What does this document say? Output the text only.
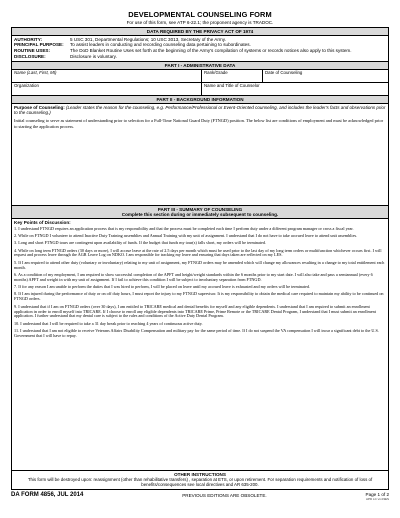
DEVELOPMENTAL COUNSELING FORM
For use of this form, see ATP 6-22.1; the proponent agency is TRADOC.
DATA REQUIRED BY THE PRIVACY ACT OF 1974
AUTHORITY:	5 USC 301, Departmental Regulations; 10 USC 3013, Secretary of the Army.
PRINCIPAL PURPOSE:	To assist leaders in conducting and recording counseling data pertaining to subordinates.
ROUTINE USES:	The DoD Blanket Routine Uses set forth at the beginning of the Army's compilation of systems or records notices also apply to this system.
DISCLOSURE:	Disclosure is voluntary.
PART I - ADMINISTRATIVE DATA
Name (Last, First, MI)	Rank/Grade	Date of Counseling
Organization	Name and Title of Counselor
PART II - BACKGROUND INFORMATION
Purpose of Counseling: (Leader states the reason for the counseling, e.g. Performance/Professional or Event-Oriented counseling, and includes the leader's facts and observations prior to the counseling.)
Initial counseling to serve as statement of understanding prior to selection for a Full-Time National Guard Duty (FTNGD) position. The below list are conditions of employment and must be acknowledged prior to starting the application process.
PART III - SUMMARY OF COUNSELING
Complete this section during or immediately subsequent to counseling.
Key Points of Discussion:
1. I understand FTNGD requires an application process that is my responsibility and that the process must be completed each time I perform duty under a different program manager or cross a fiscal year.
2. While on FTNGD I volunteer to attend Inactive Duty Training assemblies and Annual Training with my unit of assignment. I understand that I do not have to take accrued leave to attend unit assemblies.
3. Long and short FTNGD tours are contingent upon availability of funds. If the budget that funds my tour(s) falls short, my orders will be terminated.
4. While on long term FTNGD orders (30 days or more), I will accrue leave at the rate of 2.5 days per month which must be used prior to the last day of my long term orders or multifunction whichever occurs first. I will request and process leave through the AGR Leave Log on NDKO. I am responsible for tracking my leave and ensuring that days taken are reflected on my LES.
5. If I am required to attend other duty (voluntary or involuntary) relating to my unit of assignment, my FTNGD orders may be amended which will change my allowances resulting in a change to my total entitlement each month.
6. As a condition of my employment, I am required to show successful completion of the APFT and height/weight standards within the 6 months prior to my start date. I will also take and pass a semiannual (every 6 months) APFT and weight in with my unit of assignment. If I fail to achieve this condition I will be subject to involuntary separation from FTNGD.
7. If for any reason I am unable to perform the duties that I was hired to perform, I will be placed on leave until my accrued leave is exhausted and my orders will be terminated.
8. If I am injured during the performance of duty or on off duty hours, I must report the injury to my FTNGD supervisor. It is my responsibility to obtain the medical care required to maintain my ability to be continued on FTNGD orders.
9. I understand that if I am on FTNGD orders (over 30 days), I am entitled to TRICARE medical and dental benefits for myself and any eligible dependents. I understand that I am required to submit an enrollment application in order to enroll myself into TRICARE. If I choose to enroll any eligible dependents into TRICARE Prime, Prime Remote or the TRICARE Dental Program, I understand that I must submit an enrollment application. I further understand that my dental care is subject to the rules and conditions of the Active Duty Dental Program.
10. I understand that I will be required to take a 31 day break prior to reaching 4 years of continuous active duty.
11. I understand that I am not eligible to receive Veterans Affairs Disability Compensation and military pay for the same period of time. If I do not suspend the VA compensation I will incur a significant debt to the U.S. Government that I will have to repay.
OTHER INSTRUCTIONS
This form will be destroyed upon: reassignment (other than rehabilitative transfers) , separation at ETS, or upon retirement. For separation requirements and notification of loss of benefits/consequences see local directives and AR 635-200.
DA FORM 4856, JUL 2014	PREVIOUS EDITIONS ARE OBSOLETE.	Page 1 of 2
APD LC v1.03ES
